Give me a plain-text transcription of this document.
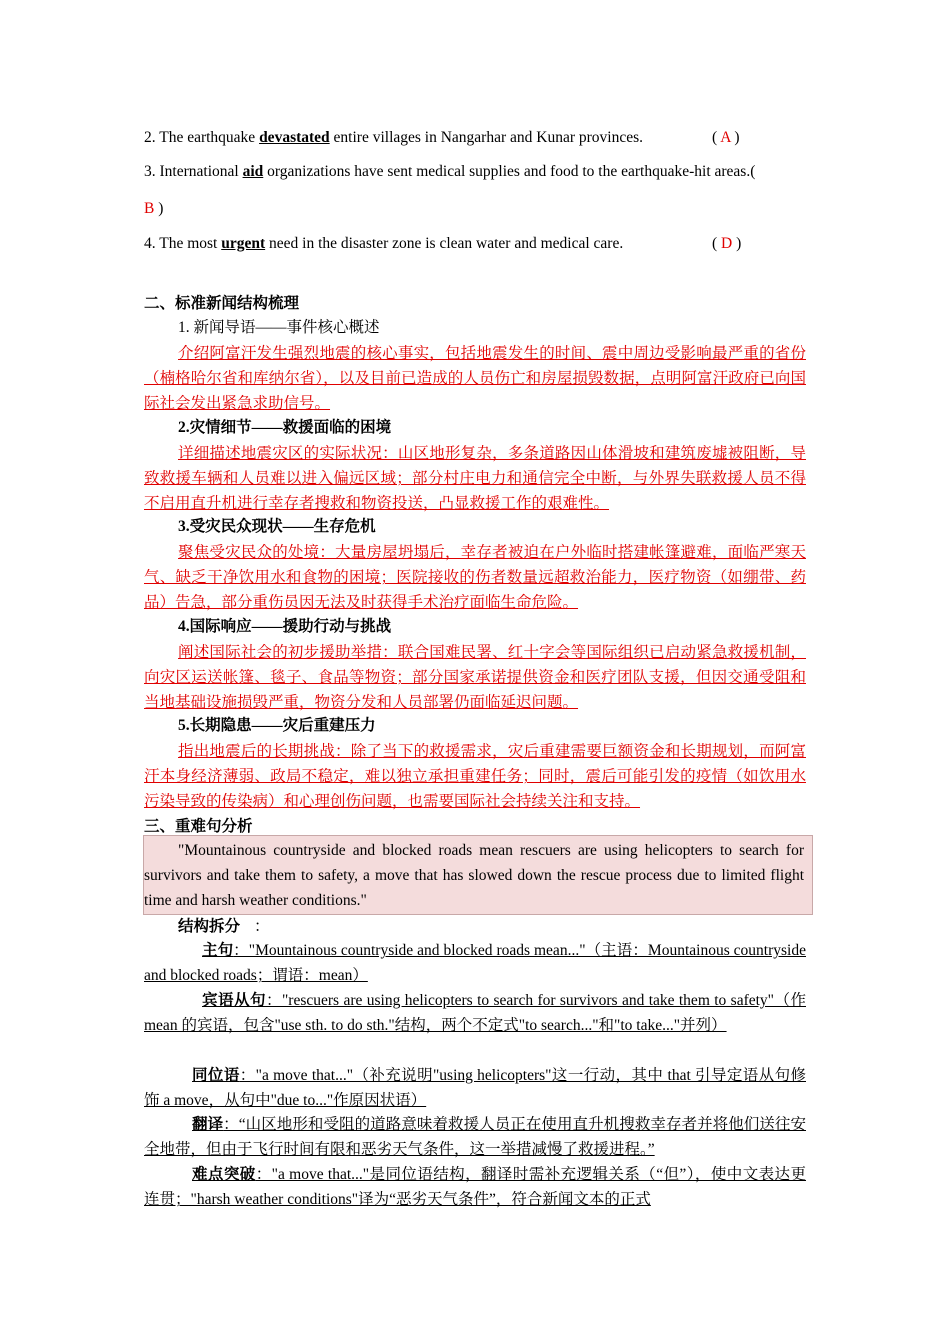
2. The earthquake devastated entire villages in Nangarhar and Kunar provinces.	( A )
3. International aid organizations have sent medical supplies and food to the earthquake-hit areas.(
B )
4. The most urgent need in the disaster zone is clean water and medical care.	( D )
二、标准新闻结构梳理
1. 新闻导语——事件核心概述
介绍阿富汗发生强烈地震的核心事实，包括地震发生的时间、震中周边受影响最严重的省份（楠格哈尔省和库纳尔省），以及目前已造成的人员伤亡和房屋损毁数据，点明阿富汗政府已向国际社会发出紧急求助信号。
2.灾情细节——救援面临的困境
详细描述地震灾区的实际状况：山区地形复杂，多条道路因山体滑坡和建筑废墟被阻断，导致救援车辆和人员难以进入偏远区域；部分村庄电力和通信完全中断，与外界失联救援人员不得不启用直升机进行幸存者搜救和物资投送，凸显救援工作的艰难性。
3.受灾民众现状——生存危机
聚焦受灾民众的处境：大量房屋坍塌后，幸存者被迫在户外临时搭建帐篷避难，面临严寒天气、缺乏干净饮用水和食物的困境；医院接收的伤者数量远超救治能力，医疗物资（如绷带、药品）告急，部分重伤员因无法及时获得手术治疗面临生命危险。
4.国际响应——援助行动与挑战
阐述国际社会的初步援助举措：联合国难民署、红十字会等国际组织已启动紧急救援机制，向灾区运送帐篷、毯子、食品等物资；部分国家承诺提供资金和医疗团队支援，但因交通受阻和当地基础设施损毁严重，物资分发和人员部署仍面临延迟问题。
5.长期隐患——灾后重建压力
指出地震后的长期挑战：除了当下的救援需求，灾后重建需要巨额资金和长期规划，而阿富汗本身经济薄弱、政局不稳定，难以独立承担重建任务；同时，震后可能引发的疫情（如饮用水污染导致的传染病）和心理创伤问题，也需要国际社会持续关注和支持。
三、重难句分析

"Mountainous countryside and blocked roads mean rescuers are using helicopters to search for survivors and take them to safety, a move that has slowed down the rescue process due to limited flight time and harsh weather conditions."

结构拆分 ：
主句："Mountainous countryside and blocked roads mean..."（主语：Mountainous countryside and blocked roads；谓语：mean）
宾语从句："rescuers are using helicopters to search for survivors and take them to safety"（作 mean 的宾语，包含"use sth. to do sth."结构，两个不定式"to search..."和"to take..."并列）
同位语："a move that..."（补充说明"using helicopters"这一行动，其中 that 引导定语从句修饰 a move，从句中"due to..."作原因状语）
翻译：“山区地形和受阻的道路意味着救援人员正在使用直升机搜救幸存者并将他们送往安全地带，但由于飞行时间有限和恶劣天气条件，这一举措减慢了救援进程。”
难点突破："a move that..."是同位语结构，翻译时需补充逻辑关系（“但”），使中文表达更连贯；"harsh weather conditions"译为“恶劣天气条件”，符合新闻文本的正式
